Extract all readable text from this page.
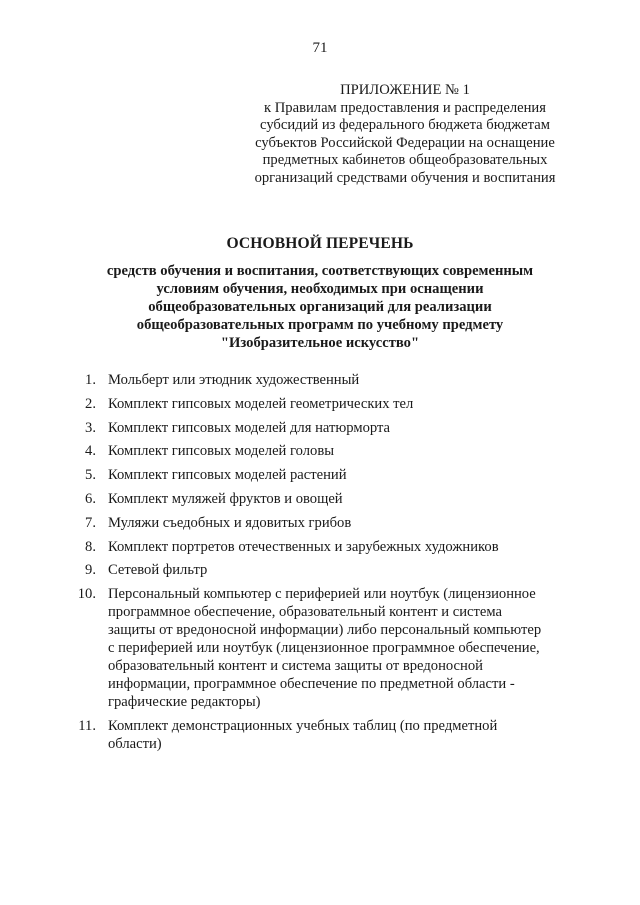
71
ПРИЛОЖЕНИЕ № 1
к Правилам предоставления и распределения
субсидий из федерального бюджета бюджетам
субъектов Российской Федерации на оснащение
предметных кабинетов общеобразовательных
организаций средствами обучения и воспитания
ОСНОВНОЙ ПЕРЕЧЕНЬ
средств обучения и воспитания, соответствующих современным
условиям обучения, необходимых при оснащении
общеобразовательных организаций для реализации
общеобразовательных программ по учебному предмету
"Изобразительное искусство"
1. Мольберт или этюдник художественный
2. Комплект гипсовых моделей геометрических тел
3. Комплект гипсовых моделей для натюрморта
4. Комплект гипсовых моделей головы
5. Комплект гипсовых моделей растений
6. Комплект муляжей фруктов и овощей
7. Муляжи съедобных и ядовитых грибов
8. Комплект портретов отечественных и зарубежных художников
9. Сетевой фильтр
10. Персональный компьютер с периферией или ноутбук (лицензионное
программное обеспечение, образовательный контент и система
защиты от вредоносной информации) либо персональный компьютер
с периферией или ноутбук (лицензионное программное обеспечение,
образовательный контент и система защиты от вредоносной
информации, программное обеспечение по предметной области -
графические редакторы)
11. Комплект демонстрационных учебных таблиц (по предметной
области)
